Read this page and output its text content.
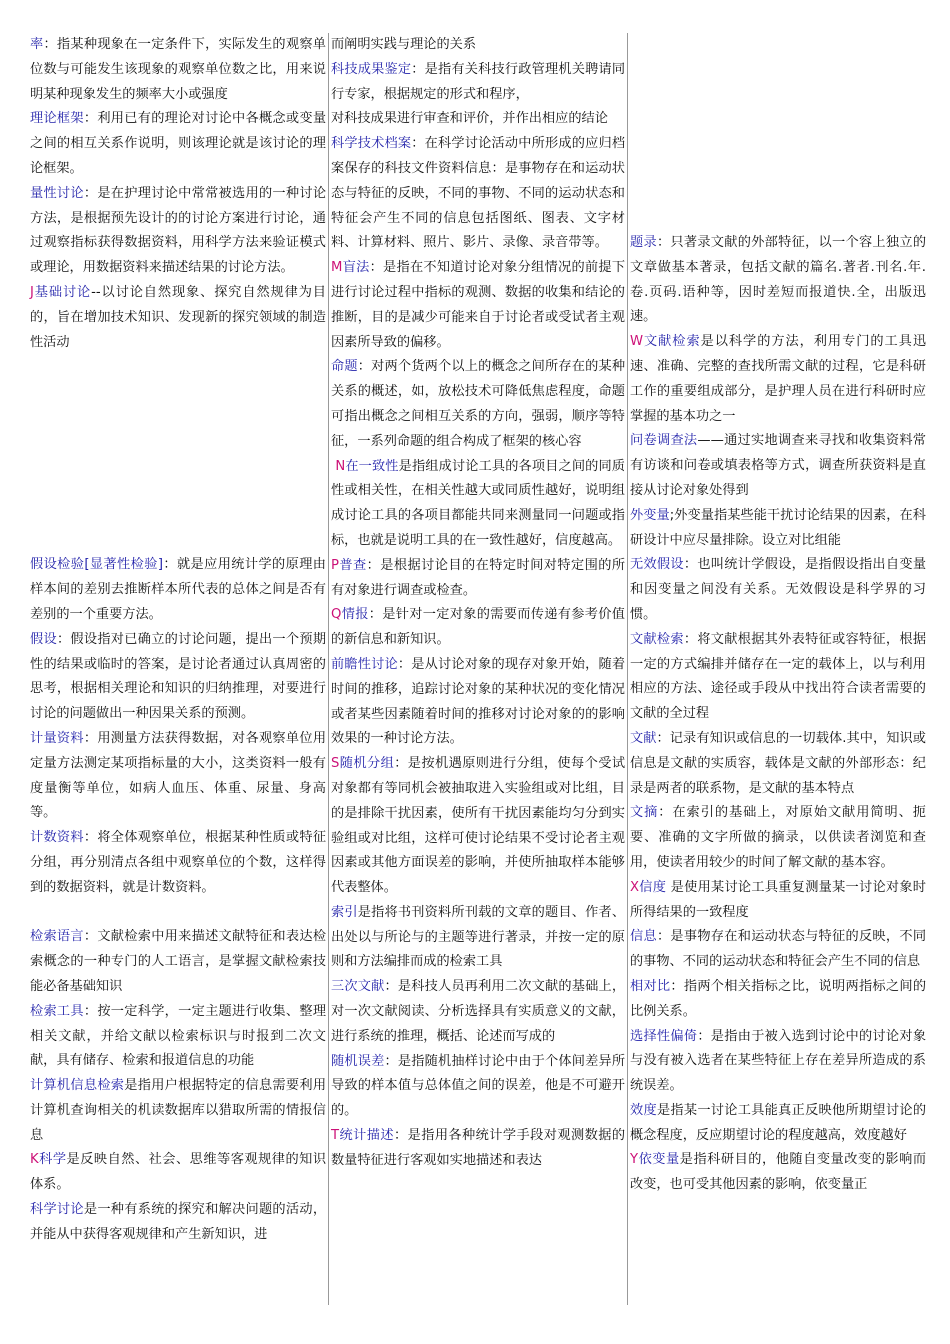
率：指某种现象在一定条件下，实际发生的观察单位数与可能发生该现象的观察单位数之比，用来说明某种现象发生的频率大小或强度

理论框架：利用已有的理论对讨论中各概念或变量之间的相互关系作说明，则该理论就是该讨论的理论框架。

量性讨论：是在护理讨论中常常被选用的一种讨论方法，是根据预先设计的的讨论方案进行讨论，通过观察指标获得数据资料，用科学方法来验证模式或理论，用数据资料来描述结果的讨论方法。

J基础讨论--以讨论自然现象、探究自然规律为目的，旨在增加技术知识、发现新的探究领域的制造性活动

假设检验[显著性检验]：就是应用统计学的原理由样本间的差别去推断样本所代表的总体之间是否有差别的一个重要方法。

假设：假设指对已确立的讨论问题，提出一个预期性的结果或临时的答案，是讨论者通过认真周密的思考，根据相关理论和知识的归纳推理，对要进行讨论的问题做出一种因果关系的预测。

计量资料：用测量方法获得数据，对各观察单位用定量方法测定某项指标量的大小，这类资料一般有度量衡等单位，如病人血压、体重、尿量、身高等。

计数资料：将全体观察单位，根据某种性质或特征分组，再分别清点各组中观察单位的个数，这样得到的数据资料，就是计数资料。

检索语言：文献检索中用来描述文献特征和表达检索概念的一种专门的人工语言，是掌握文献检索技能必备基础知识

检索工具：按一定科学，一定主题进行收集、整理相关文献，并给文献以检索标识与时报到二次文献，具有储存、检索和报道信息的功能

计算机信息检索是指用户根据特定的信息需要利用计算机查询相关的机读数据库以猎取所需的情报信息

K科学是反映自然、社会、思维等客观规律的知识体系。

科学讨论是一种有系统的探究和解决问题的活动，并能从中获得客观规律和产生新知识，进

而阐明实践与理论的关系

科技成果鉴定：是指有关科技行政管理机关聘请同行专家，根据规定的形式和程序，

对科技成果进行审查和评价，并作出相应的结论

科学技术档案：在科学讨论活动中所形成的应归档案保存的科技文件资料信息：是事物存在和运动状态与特征的反映，不同的事物、不同的运动状态和特征会产生不同的信息包括图纸、图表、文字材料、计算材料、照片、影片、录像、录音带等。

M盲法：是指在不知道讨论对象分组情况的前提下进行讨论过程中指标的观测、数据的收集和结论的推断，目的是减少可能来自于讨论者或受试者主观因素所导致的偏移。

命题：对两个货两个以上的概念之间所存在的某种关系的概述，如，放松技术可降低焦虑程度，命题可指出概念之间相互关系的方向，强弱，顺序等特征，一系列命题的组合构成了框架的核心容

N在一致性是指组成讨论工具的各项目之间的同质性或相关性，在相关性越大或同质性越好，说明组成讨论工具的各项目都能共同来测量同一问题或指标，也就是说明工具的在一致性越好，信度越高。

P普查：是根据讨论目的在特定时间对特定围的所有对象进行调查或检查。

Q情报：是针对一定对象的需要而传递有参考价值的新信息和新知识。

前瞻性讨论：是从讨论对象的现存对象开始，随着时间的推移，追踪讨论对象的某种状况的变化情况或者某些因素随着时间的推移对讨论对象的的影响效果的一种讨论方法。

S随机分组：是按机遇原则进行分组，使每个受试对象都有等同机会被抽取进入实验组或对比组，目的是排除干扰因素，使所有干扰因素能均匀分到实验组或对比组，这样可使讨论结果不受讨论者主观因素或其他方面误差的影响，并使所抽取样本能够代表整体。

索引是指将书刊资料所刊载的文章的题目、作者、出处以与所论与的主题等进行著录，并按一定的原则和方法编排而成的检索工具

三次文献：是科技人员再利用二次文献的基础上，对一次文献阅读、分析选择具有实质意义的文献，进行系统的推理，概括、论述而写成的

随机误差：是指随机抽样讨论中由于个体间差异所导致的样本值与总体值之间的误差，他是不可避开的。

T统计描述：是指用各种统计学手段对观测数据的数量特征进行客观如实地描述和表达

题录：只著录文献的外部特征，以一个容上独立的文章做基本著录，包括文献的篇名.著者.刊名.年.卷.页码.语种等，因时差短而报道快.全，出版迅速。

W文献检索是以科学的方法，利用专门的工具迅速、准确、完整的查找所需文献的过程，它是科研工作的重要组成部分，是护理人员在进行科研时应掌握的基本功之一

问卷调查法——通过实地调查来寻找和收集资料常有访谈和问卷或填表格等方式，调查所获资料是直接从讨论对象处得到

外变量;外变量指某些能干扰讨论结果的因素，在科研设计中应尽量排除。设立对比组能

无效假设：也叫统计学假设，是指假设指出自变量和因变量之间没有关系。无效假设是科学界的习惯。

文献检索：将文献根据其外表特征或容特征，根据一定的方式编排并储存在一定的载体上，以与利用相应的方法、途径或手段从中找出符合读者需要的文献的全过程

文献：记录有知识或信息的一切载体.其中，知识或信息是文献的实质容，载体是文献的外部形态：纪录是两者的联系物，是文献的基本特点

文摘：在索引的基础上，对原始文献用简明、扼要、准确的文字所做的摘录，以供读者浏览和查用，使读者用较少的时间了解文献的基本容。

X信度 是使用某讨论工具重复测量某一讨论对象时所得结果的一致程度

信息：是事物存在和运动状态与特征的反映，不同的事物、不同的运动状态和特征会产生不同的信息

相对比：指两个相关指标之比，说明两指标之间的比例关系。

选择性偏倚：是指由于被入选到讨论中的讨论对象与没有被入选者在某些特征上存在差异所造成的系统误差。

效度是指某一讨论工具能真正反映他所期望讨论的概念程度，反应期望讨论的程度越高，效度越好

Y依变量是指科研目的，他随自变量改变的影响而改变，也可受其他因素的影响，依变量正
